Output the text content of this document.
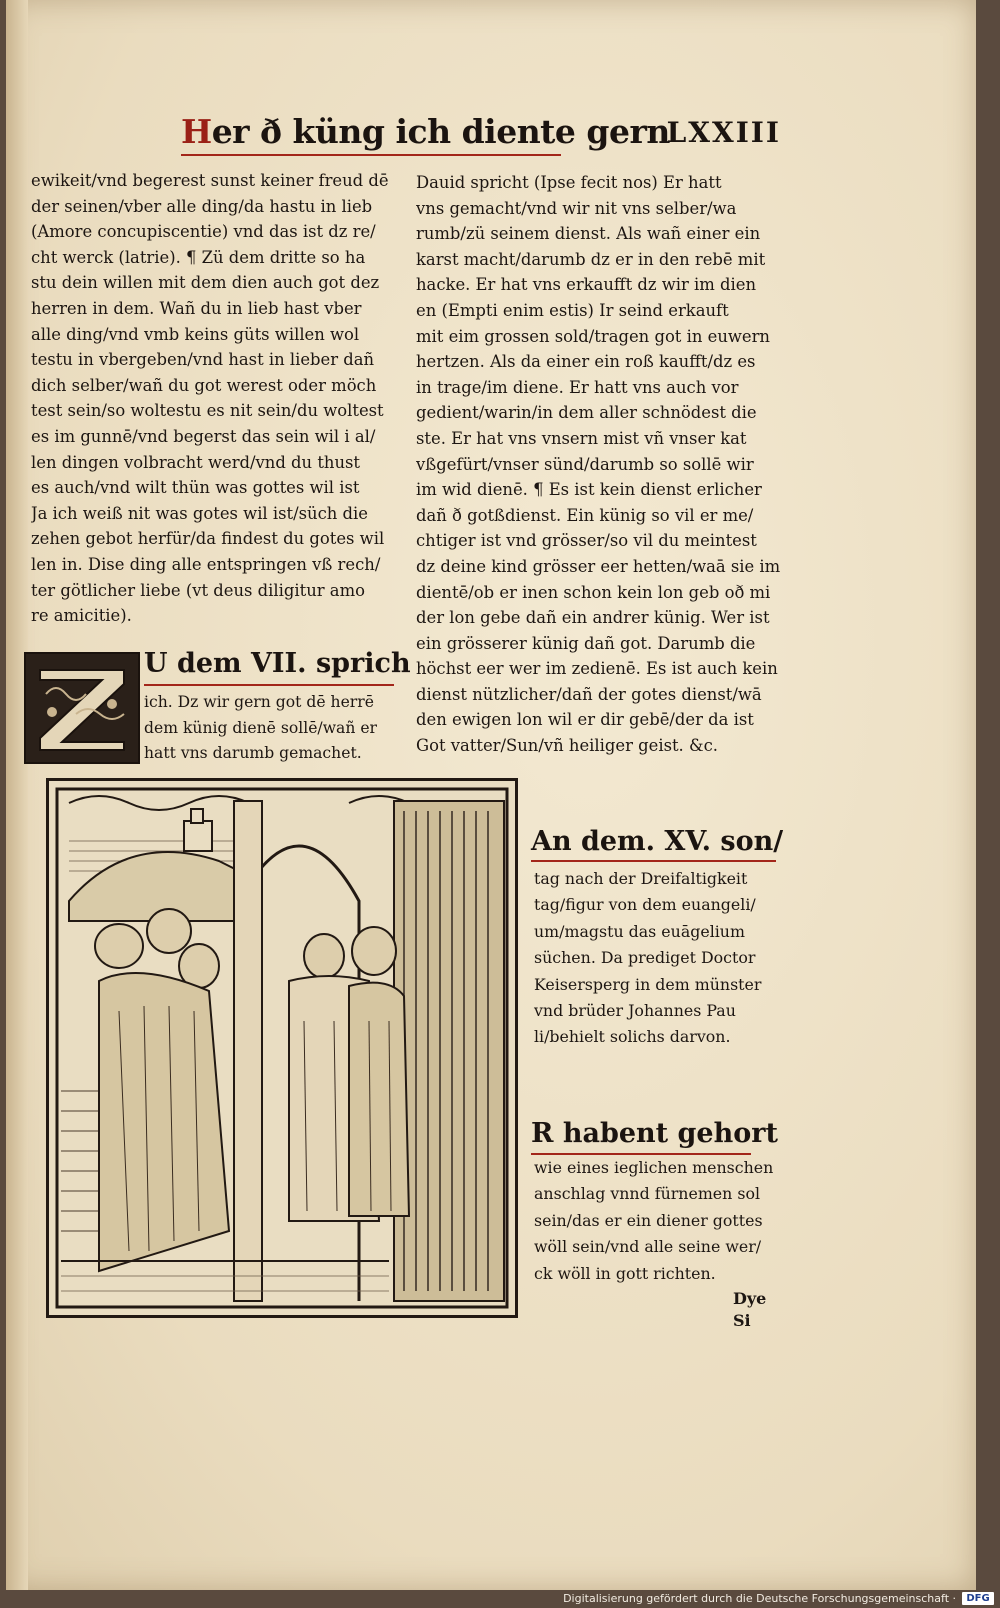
Her ð küng ich diente gern
LXXIII
ewikeit/vnd begerest sunst keiner freud dē
der seinen/vber alle ding/da hastu in lieb
(Amore concupiscentie) vnd das ist dz re/
cht werck (latrie). ¶ Zü dem dritte so ha
stu dein willen mit dem dien auch got dez
herren in dem. Wañ du in lieb hast vber
alle ding/vnd vmb keins güts willen wol
testu in vbergeben/vnd hast in lieber dañ
dich selber/wañ du got werest oder möch
test sein/so woltestu es nit sein/du woltest
es im gunnē/vnd begerst das sein wil i al/
len dingen volbracht werd/vnd du thust
es auch/vnd wilt thün was gottes wil ist
Ja ich weiß nit was gotes wil ist/süch die
zehen gebot herfür/da findest du gotes wil
len in. Dise ding alle entspringen vß rech/
ter götlicher liebe (vt deus diligitur amo
re amicitie).
Dauid spricht (Ipse fecit nos) Er hatt
vns gemacht/vnd wir nit vns selber/wa
rumb/zü seinem dienst. Als wañ einer ein
karst macht/darumb dz er in den rebē mit
hacke. Er hat vns erkaufft dz wir im dien
en (Empti enim estis) Ir seind erkauft
mit eim grossen sold/tragen got in euwern
hertzen. Als da einer ein roß kaufft/dz es
in trage/im diene. Er hatt vns auch vor
gedient/warin/in dem aller schnödest die
ste. Er hat vns vnsern mist vñ vnser kat
vßgefürt/vnser sünd/darumb so sollē wir
im wid dienē. ¶ Es ist kein dienst erlicher
dañ ð gotßdienst. Ein künig so vil er me/
chtiger ist vnd grösser/so vil du meintest
dz deine kind grösser eer hetten/waā sie im
dientē/ob er inen schon kein lon geb oð mi
der lon gebe dañ ein andrer künig. Wer ist
ein grösserer künig dañ got. Darumb die
höchst eer wer im zedienē. Es ist auch kein
dienst nützlicher/dañ der gotes dienst/wā
den ewigen lon wil er dir gebē/der da ist
Got vatter/Sun/vñ heiliger geist. &c.
U dem VII. sprich
ich. Dz wir gern got dē herrē
dem künig dienē sollē/wañ er
hatt vns darumb gemachet.
An dem. XV. son/
tag nach der Dreifaltigkeit
tag/figur von dem euangeli/
um/magstu das euāgelium
süchen. Da prediget Doctor
Keisersperg in dem münster
vnd brüder Johannes Pau
li/behielt solichs darvon.
R habent gehort
wie eines ieglichen menschen
anschlag vnnd fürnemen sol
sein/das er ein diener gottes
wöll sein/vnd alle seine wer/
ck wöll in gott richten.
Dye
Si
Digitalisierung gefördert durch die Deutsche Forschungsgemeinschaft ·	DFG
